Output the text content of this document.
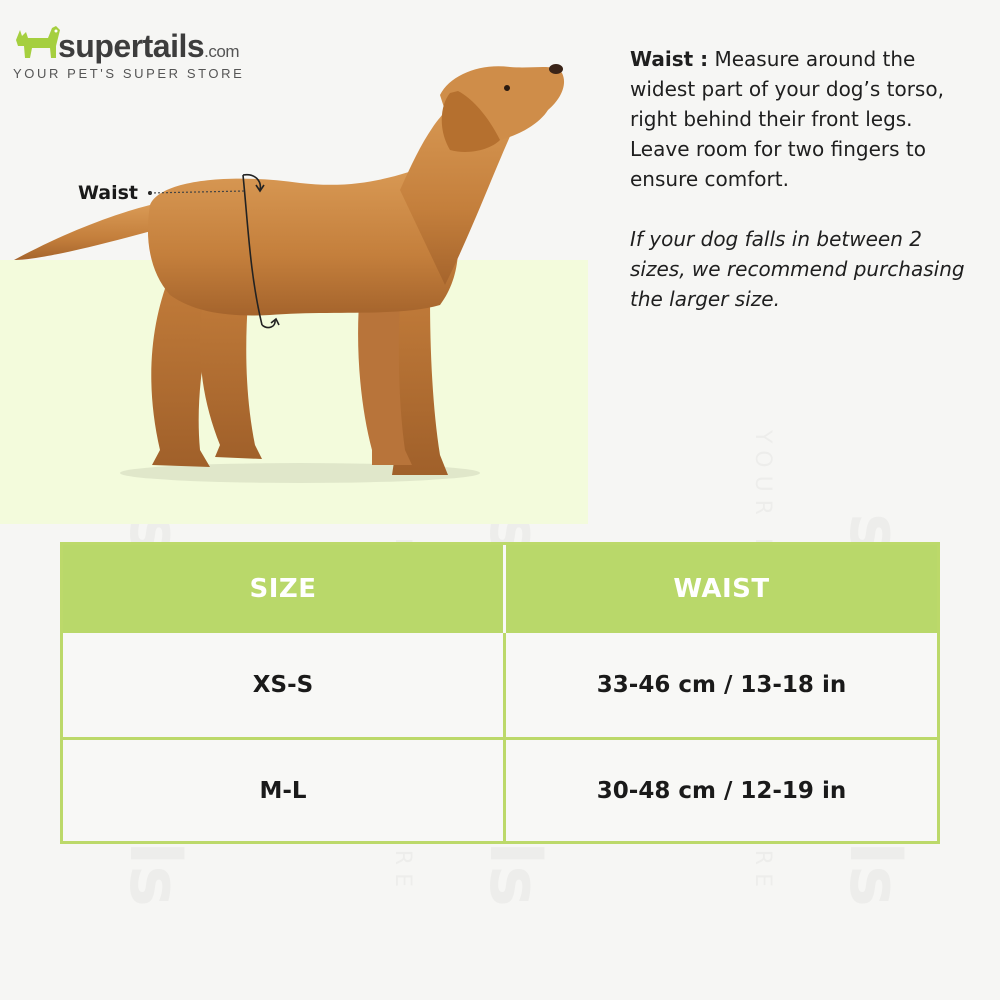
supertails.com
YOUR PET'S SUPER STORE
Waist

Waist : Measure around the widest part of your dog’s torso, right behind their front legs. Leave room for two fingers to ensure comfort.

If your dog falls in between 2 sizes, we recommend purchasing the larger size.

SIZE	WAIST
XS-S	33-46 cm / 13-18 in
M-L	30-48 cm / 12-19 in
